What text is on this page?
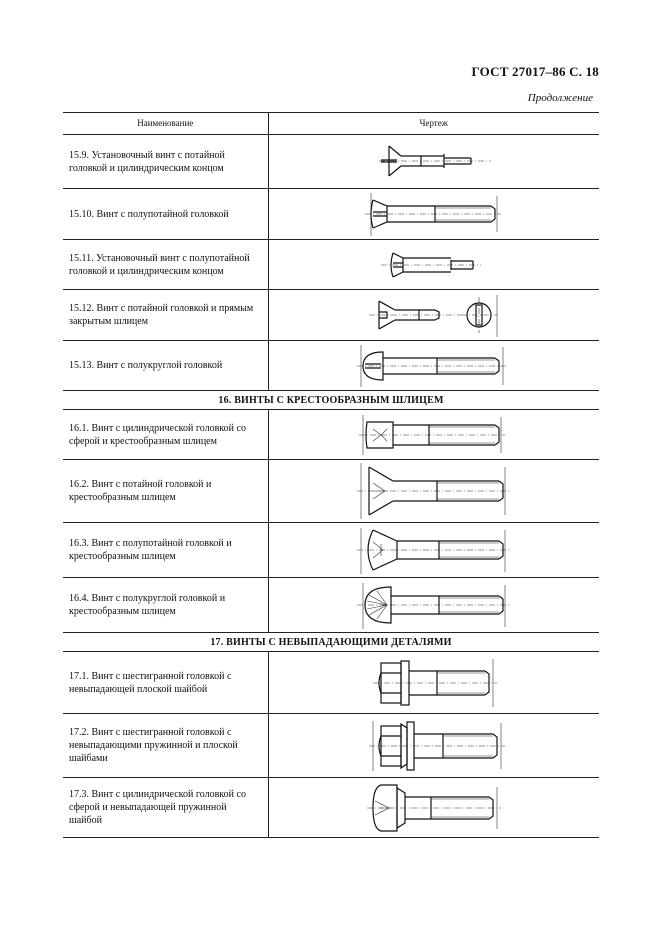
ГОСТ 27017–86 С. 18
Продолжение
Наименование	Чертеж
15.9. Установочный винт с потайной головкой и цилиндрическим концом	

15.10. Винт с полупотайной головкой	

15.11. Установочный винт с полупотайной головкой и цилиндрическим концом	

15.12. Винт с потайной головкой и прямым закрытым шлицем	

15.13. Винт с полукруглой головкой	

16. ВИНТЫ С КРЕСТООБРАЗНЫМ ШЛИЦЕМ	
16.1. Винт с цилиндрической головкой со сферой и крестообразным шлицем	

16.2. Винт с потайной головкой и крестообразным шлицем	

16.3. Винт с полупотайной головкой и крестообразным шлицем	

16.4. Винт с полукруглой головкой и крестообразным шлицем	

17. ВИНТЫ С НЕВЫПАДАЮЩИМИ ДЕТАЛЯМИ	
17.1. Винт с шестигранной головкой с невыпадающей плоской шайбой	

17.2. Винт с шестигранной головкой с невыпадающими пружинной и плоской шайбами	

17.3. Винт с цилиндрической головкой со сферой и невыпадающей пружинной шайбой	
